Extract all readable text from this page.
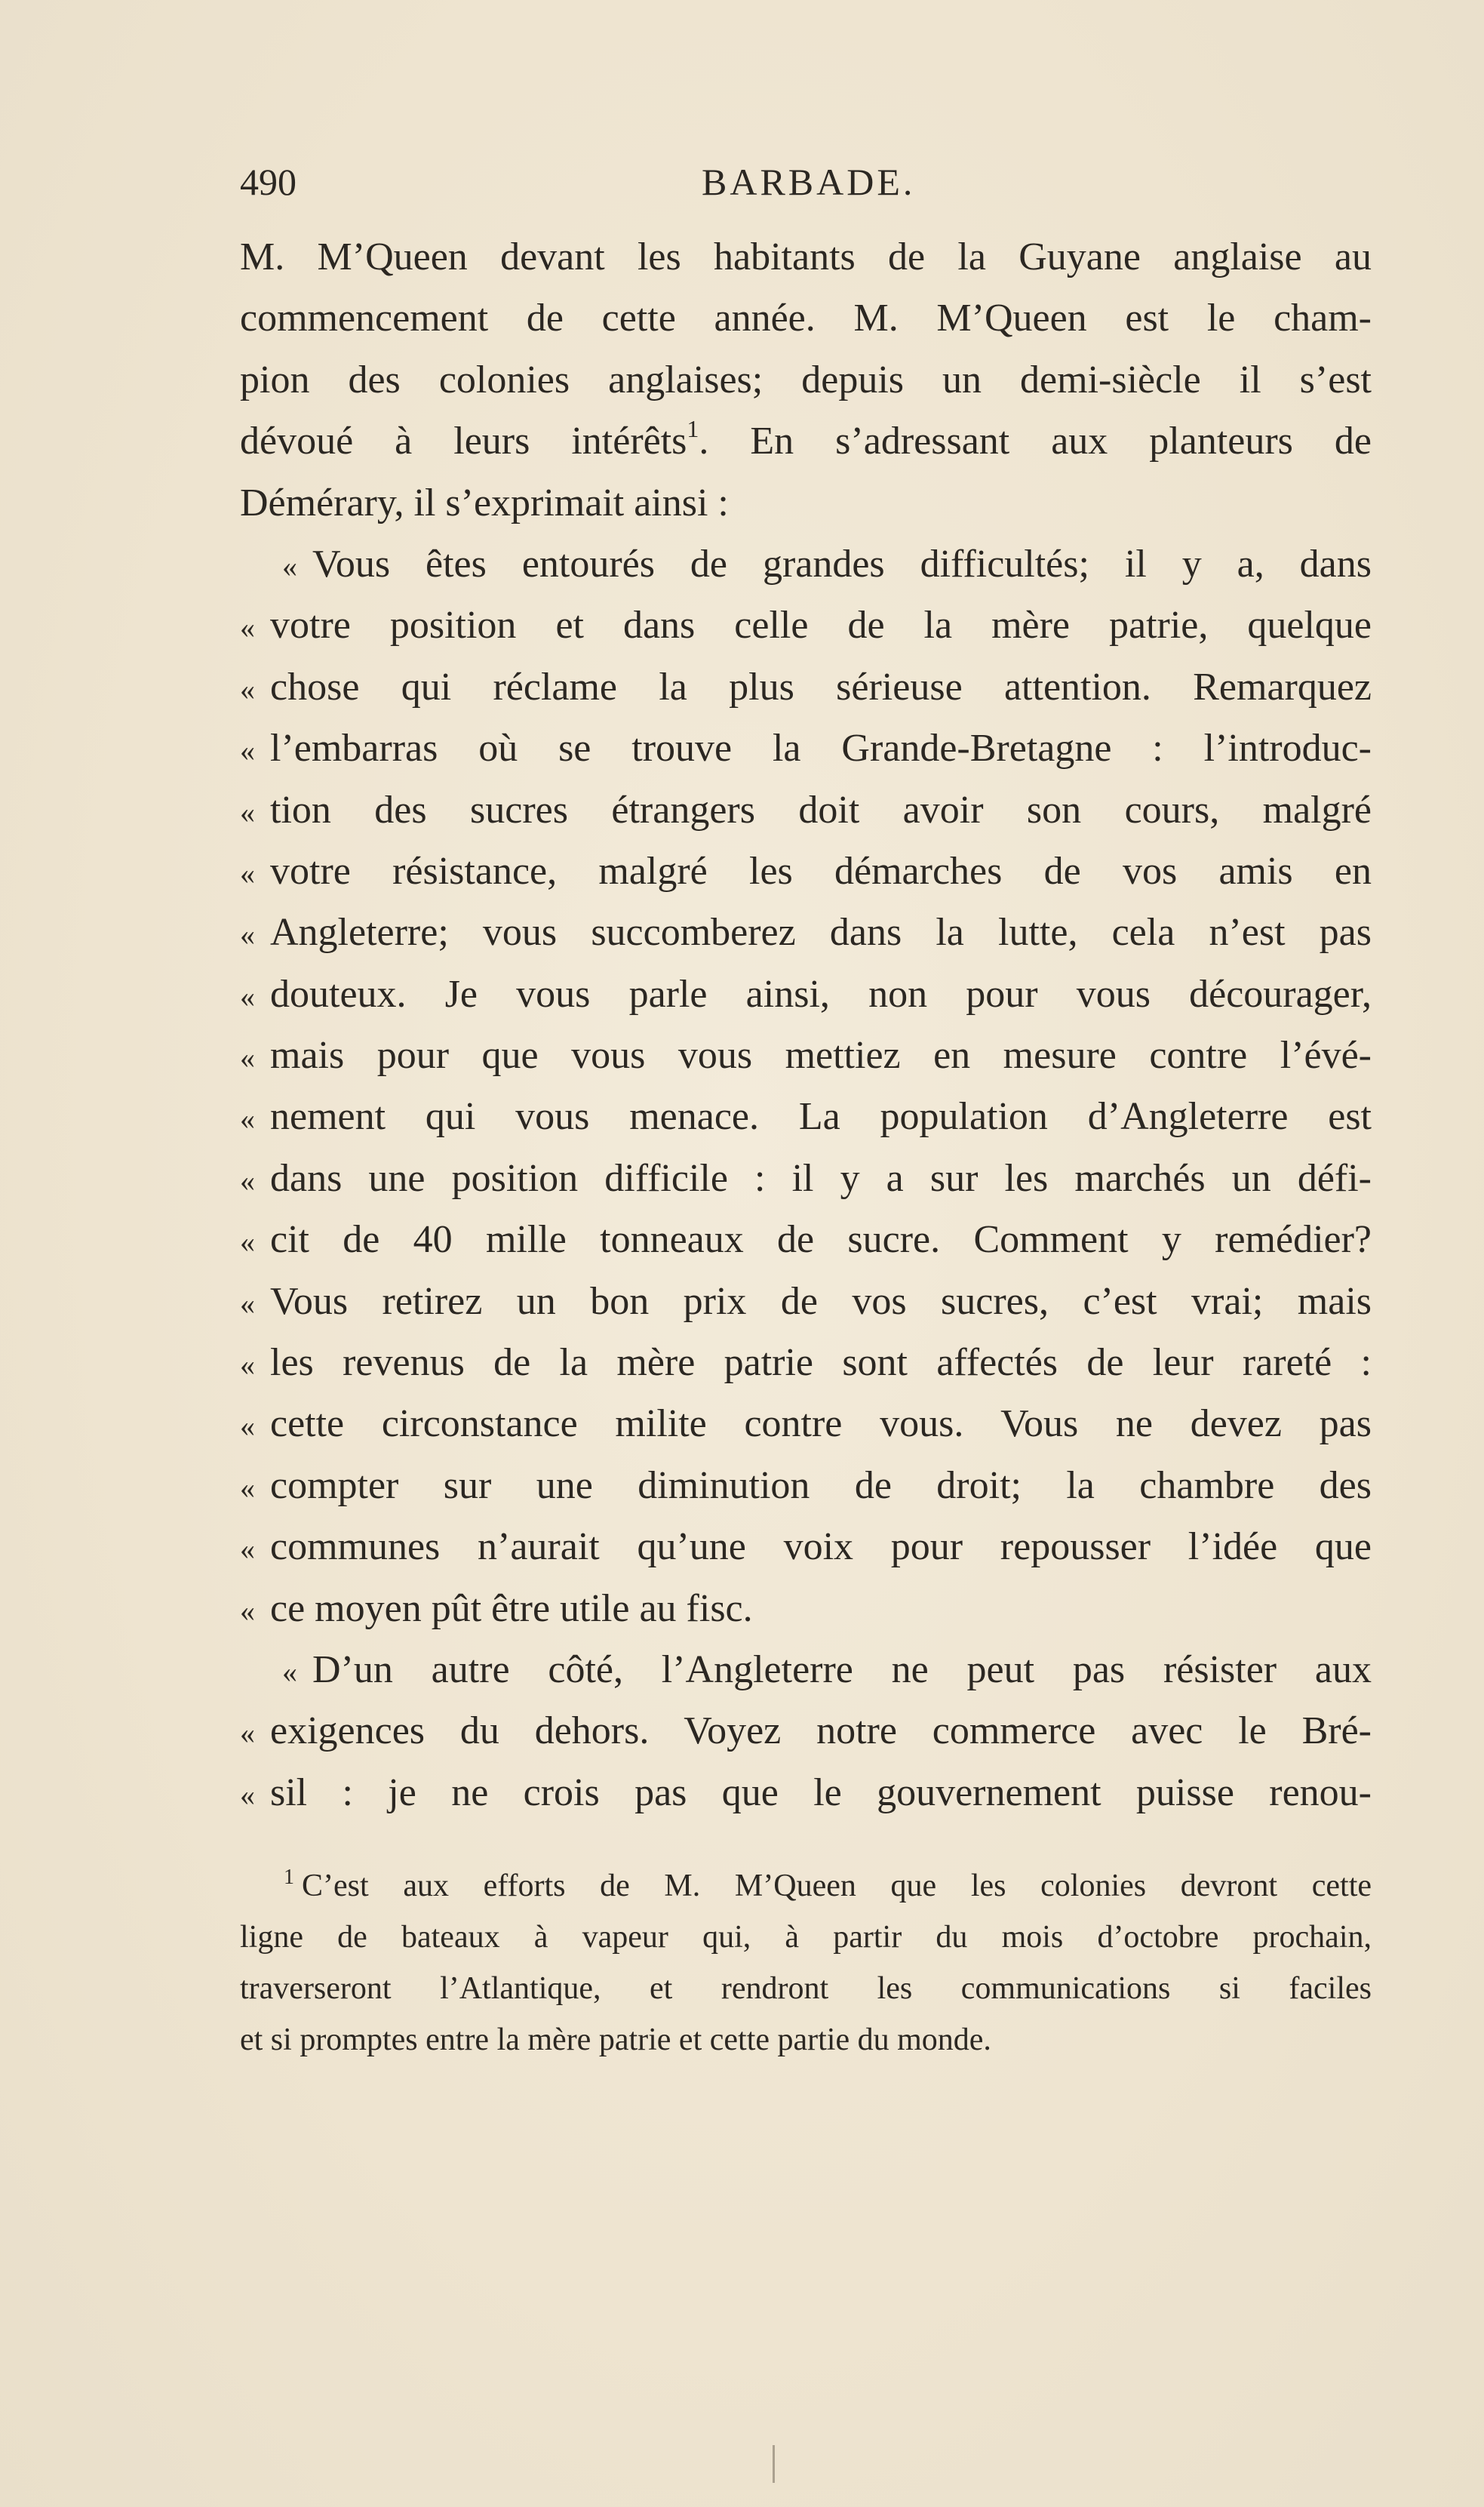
490	BARBADE.
M. M’Queen devant les habitants de la Guyane anglaise au
commencement de cette année. M. M’Queen est le cham-
pion des colonies anglaises; depuis un demi-siècle il s’est
dévoué à leurs intérêts$^1$. En s’adressant aux planteurs de
Démérary, il s’exprimait ainsi :
« Vous êtes entourés de grandes difficultés; il y a, dans
« votre position et dans celle de la mère patrie, quelque
« chose qui réclame la plus sérieuse attention. Remarquez
« l’embarras où se trouve la Grande-Bretagne : l’introduc-
« tion des sucres étrangers doit avoir son cours, malgré
« votre résistance, malgré les démarches de vos amis en
« Angleterre; vous succomberez dans la lutte, cela n’est pas
« douteux. Je vous parle ainsi, non pour vous décourager,
« mais pour que vous vous mettiez en mesure contre l’évé-
« nement qui vous menace. La population d’Angleterre est
« dans une position difficile : il y a sur les marchés un défi-
« cit de 40 mille tonneaux de sucre. Comment y remédier?
« Vous retirez un bon prix de vos sucres, c’est vrai; mais
« les revenus de la mère patrie sont affectés de leur rareté :
« cette circonstance milite contre vous. Vous ne devez pas
« compter sur une diminution de droit; la chambre des
« communes n’aurait qu’une voix pour repousser l’idée que
« ce moyen pût être utile au fisc.
« D’un autre côté, l’Angleterre ne peut pas résister aux
« exigences du dehors. Voyez notre commerce avec le Bré-
« sil : je ne crois pas que le gouvernement puisse renou-
$^1$ C’est aux efforts de M. M’Queen que les colonies devront cette
ligne de bateaux à vapeur qui, à partir du mois d’octobre prochain,
traverseront l’Atlantique, et rendront les communications si faciles
et si promptes entre la mère patrie et cette partie du monde.
